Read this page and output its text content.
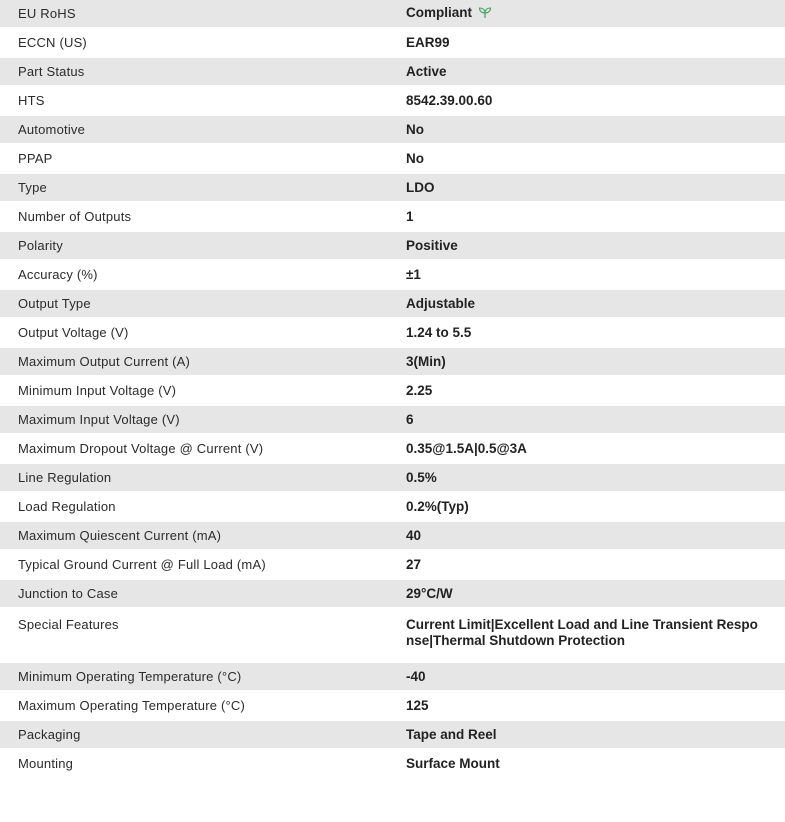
EU RoHS	Compliant
ECCN (US)	EAR99
Part Status	Active
HTS	8542.39.00.60
Automotive	No
PPAP	No
Type	LDO
Number of Outputs	1
Polarity	Positive
Accuracy (%)	±1
Output Type	Adjustable
Output Voltage (V)	1.24 to 5.5
Maximum Output Current (A)	3(Min)
Minimum Input Voltage (V)	2.25
Maximum Input Voltage (V)	6
Maximum Dropout Voltage @ Current (V)	0.35@1.5A|0.5@3A
Line Regulation	0.5%
Load Regulation	0.2%(Typ)
Maximum Quiescent Current (mA)	40
Typical Ground Current @ Full Load (mA)	27
Junction to Case	29°C/W
Special Features	Current Limit|Excellent Load and Line Transient Response|Thermal Shutdown Protection
Minimum Operating Temperature (°C)	-40
Maximum Operating Temperature (°C)	125
Packaging	Tape and Reel
Mounting	Surface Mount
